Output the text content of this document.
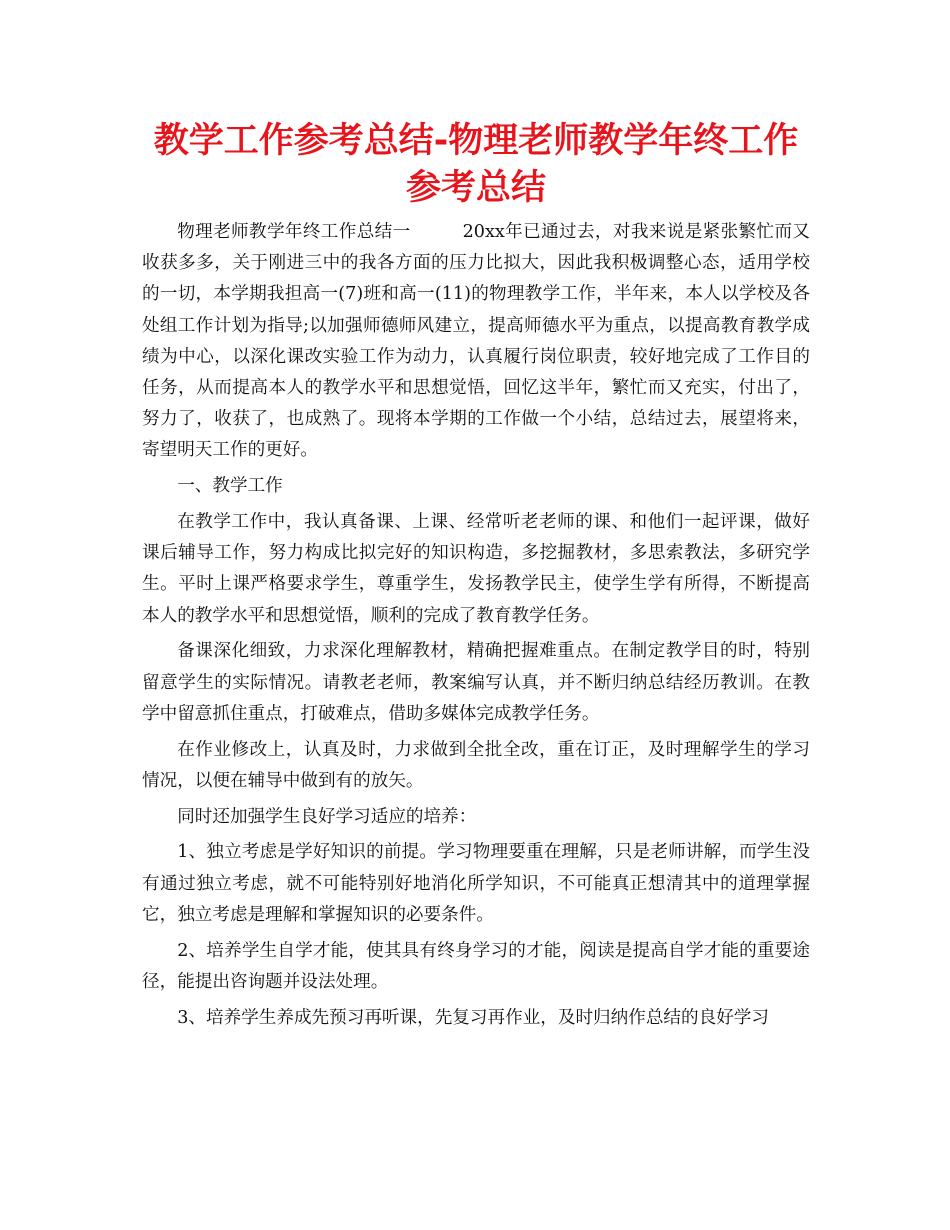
教学工作参考总结-物理老师教学年终工作参考总结

物理老师教学年终工作总结一	20xx年已通过去，对我来说是紧张繁忙而又收获多多，关于刚进三中的我各方面的压力比拟大，因此我积极调整心态，适用学校的一切，本学期我担高一(7)班和高一(11)的物理教学工作，半年来，本人以学校及各处组工作计划为指导;以加强师德师风建立，提高师德水平为重点，以提高教育教学成绩为中心，以深化课改实验工作为动力，认真履行岗位职责，较好地完成了工作目的任务，从而提高本人的教学水平和思想觉悟，回忆这半年，繁忙而又充实，付出了，努力了，收获了，也成熟了。现将本学期的工作做一个小结，总结过去，展望将来，寄望明天工作的更好。

一、教学工作

在教学工作中，我认真备课、上课、经常听老老师的课、和他们一起评课，做好课后辅导工作，努力构成比拟完好的知识构造，多挖掘教材，多思索教法，多研究学生。平时上课严格要求学生，尊重学生，发扬教学民主，使学生学有所得，不断提高本人的教学水平和思想觉悟，顺利的完成了教育教学任务。

备课深化细致，力求深化理解教材，精确把握难重点。在制定教学目的时，特别留意学生的实际情况。请教老老师，教案编写认真，并不断归纳总结经历教训。在教学中留意抓住重点，打破难点，借助多媒体完成教学任务。

在作业修改上，认真及时，力求做到全批全改，重在订正，及时理解学生的学习情况，以便在辅导中做到有的放矢。

同时还加强学生良好学习适应的培养：

1、独立考虑是学好知识的前提。学习物理要重在理解，只是老师讲解，而学生没有通过独立考虑，就不可能特别好地消化所学知识，不可能真正想清其中的道理掌握它，独立考虑是理解和掌握知识的必要条件。

2、培养学生自学才能，使其具有终身学习的才能，阅读是提高自学才能的重要途径，能提出咨询题并设法处理。

3、培养学生养成先预习再听课，先复习再作业，及时归纳作总结的良好学习
